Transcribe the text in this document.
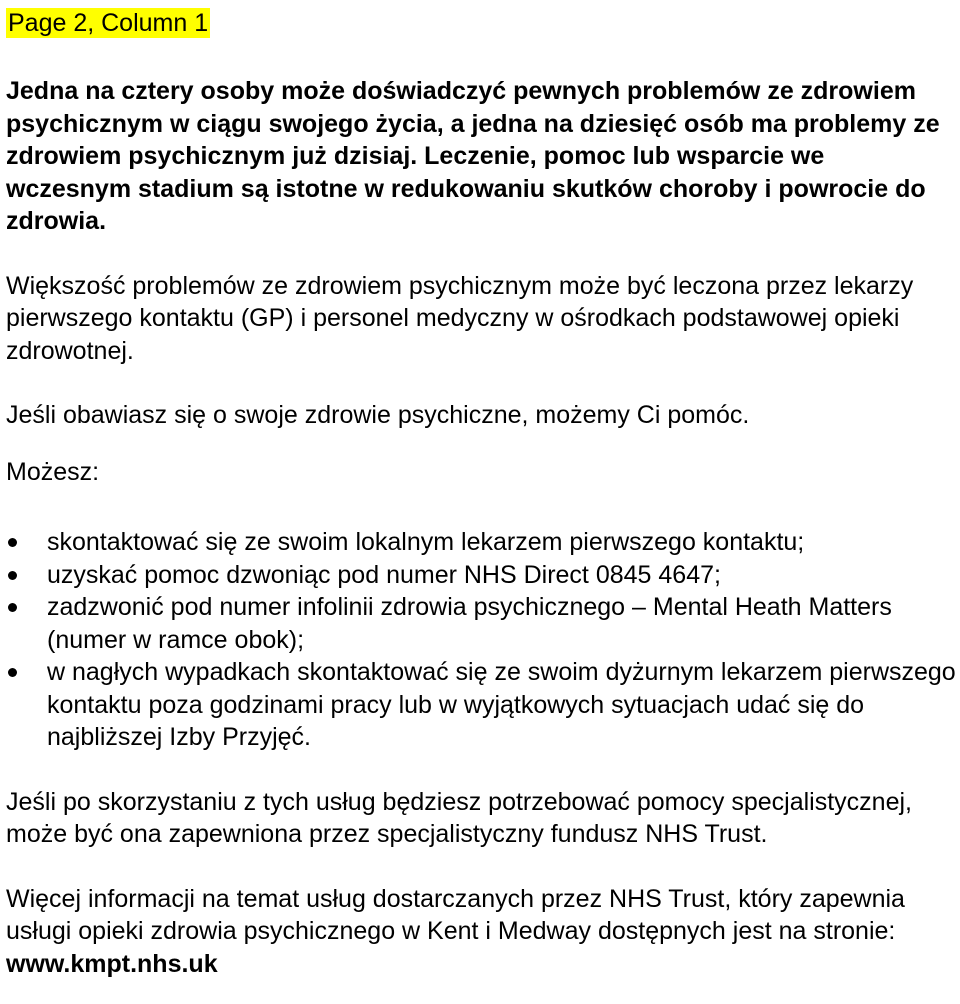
Page 2, Column 1

Jedna na cztery osoby może doświadczyć pewnych problemów ze zdrowiem psychicznym w ciągu swojego życia, a jedna na dziesięć osób ma problemy ze zdrowiem psychicznym już dzisiaj. Leczenie, pomoc lub wsparcie we wczesnym stadium są istotne w redukowaniu skutków choroby i powrocie do zdrowia.

Większość problemów ze zdrowiem psychicznym może być leczona przez lekarzy pierwszego kontaktu (GP) i personel medyczny w ośrodkach podstawowej opieki zdrowotnej.

Jeśli obawiasz się o swoje zdrowie psychiczne, możemy Ci pomóc.

Możesz:

skontaktować się ze swoim lokalnym lekarzem pierwszego kontaktu;
uzyskać pomoc dzwoniąc pod numer NHS Direct 0845 4647;
zadzwonić pod numer infolinii zdrowia psychicznego – Mental Heath Matters (numer w ramce obok);
w nagłych wypadkach skontaktować się ze swoim dyżurnym lekarzem pierwszego kontaktu poza godzinami pracy lub w wyjątkowych sytuacjach udać się do najbliższej Izby Przyjęć.

Jeśli po skorzystaniu z tych usług będziesz potrzebować pomocy specjalistycznej, może być ona zapewniona przez specjalistyczny fundusz NHS Trust.

Więcej informacji na temat usług dostarczanych przez NHS Trust, który zapewnia usługi opieki zdrowia psychicznego w Kent i Medway dostępnych jest na stronie: www.kmpt.nhs.uk
